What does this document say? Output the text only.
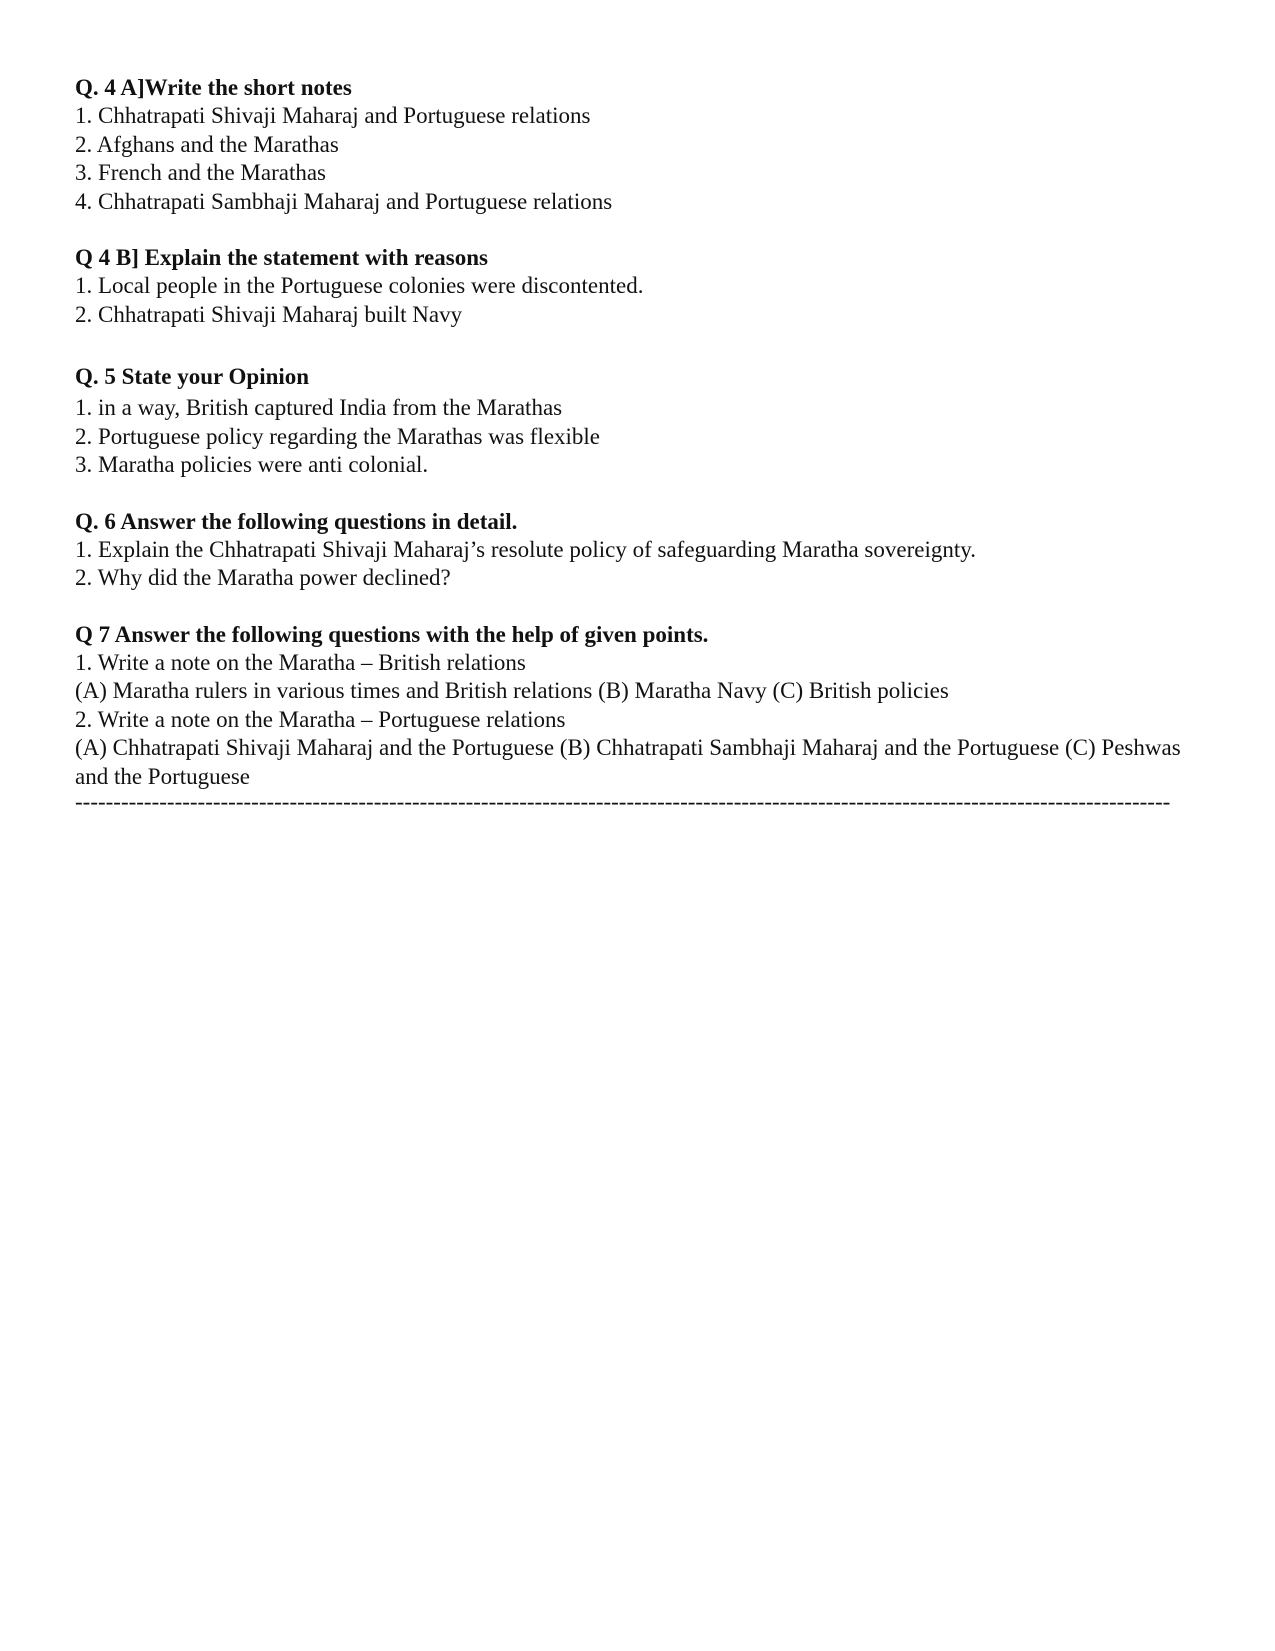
Q. 4 A]Write the short notes

1. Chhatrapati Shivaji Maharaj and Portuguese relations

2. Afghans and the Marathas

3. French and the Marathas

4. Chhatrapati Sambhaji Maharaj and Portuguese relations

Q 4 B] Explain the statement with reasons

1. Local people in the Portuguese colonies were discontented.

2. Chhatrapati Shivaji Maharaj built Navy

Q. 5 State your Opinion

1. in a way, British captured India from the Marathas

2. Portuguese policy regarding the Marathas was flexible

3. Maratha policies were anti colonial.

Q. 6 Answer the following questions in detail.

1. Explain the Chhatrapati Shivaji Maharaj’s resolute policy of safeguarding Maratha sovereignty.

2. Why did the Maratha power declined?

Q 7 Answer the following questions with the help of given points.

1. Write a note on the Maratha – British relations

(A) Maratha rulers in various times and British relations (B) Maratha Navy (C) British policies

2. Write a note on the Maratha – Portuguese relations

(A) Chhatrapati Shivaji Maharaj and the Portuguese (B) Chhatrapati Sambhaji Maharaj and the Portuguese (C) Peshwas and the Portuguese

-----------------------------------------------------------------------------------------------------------------------------------------------
